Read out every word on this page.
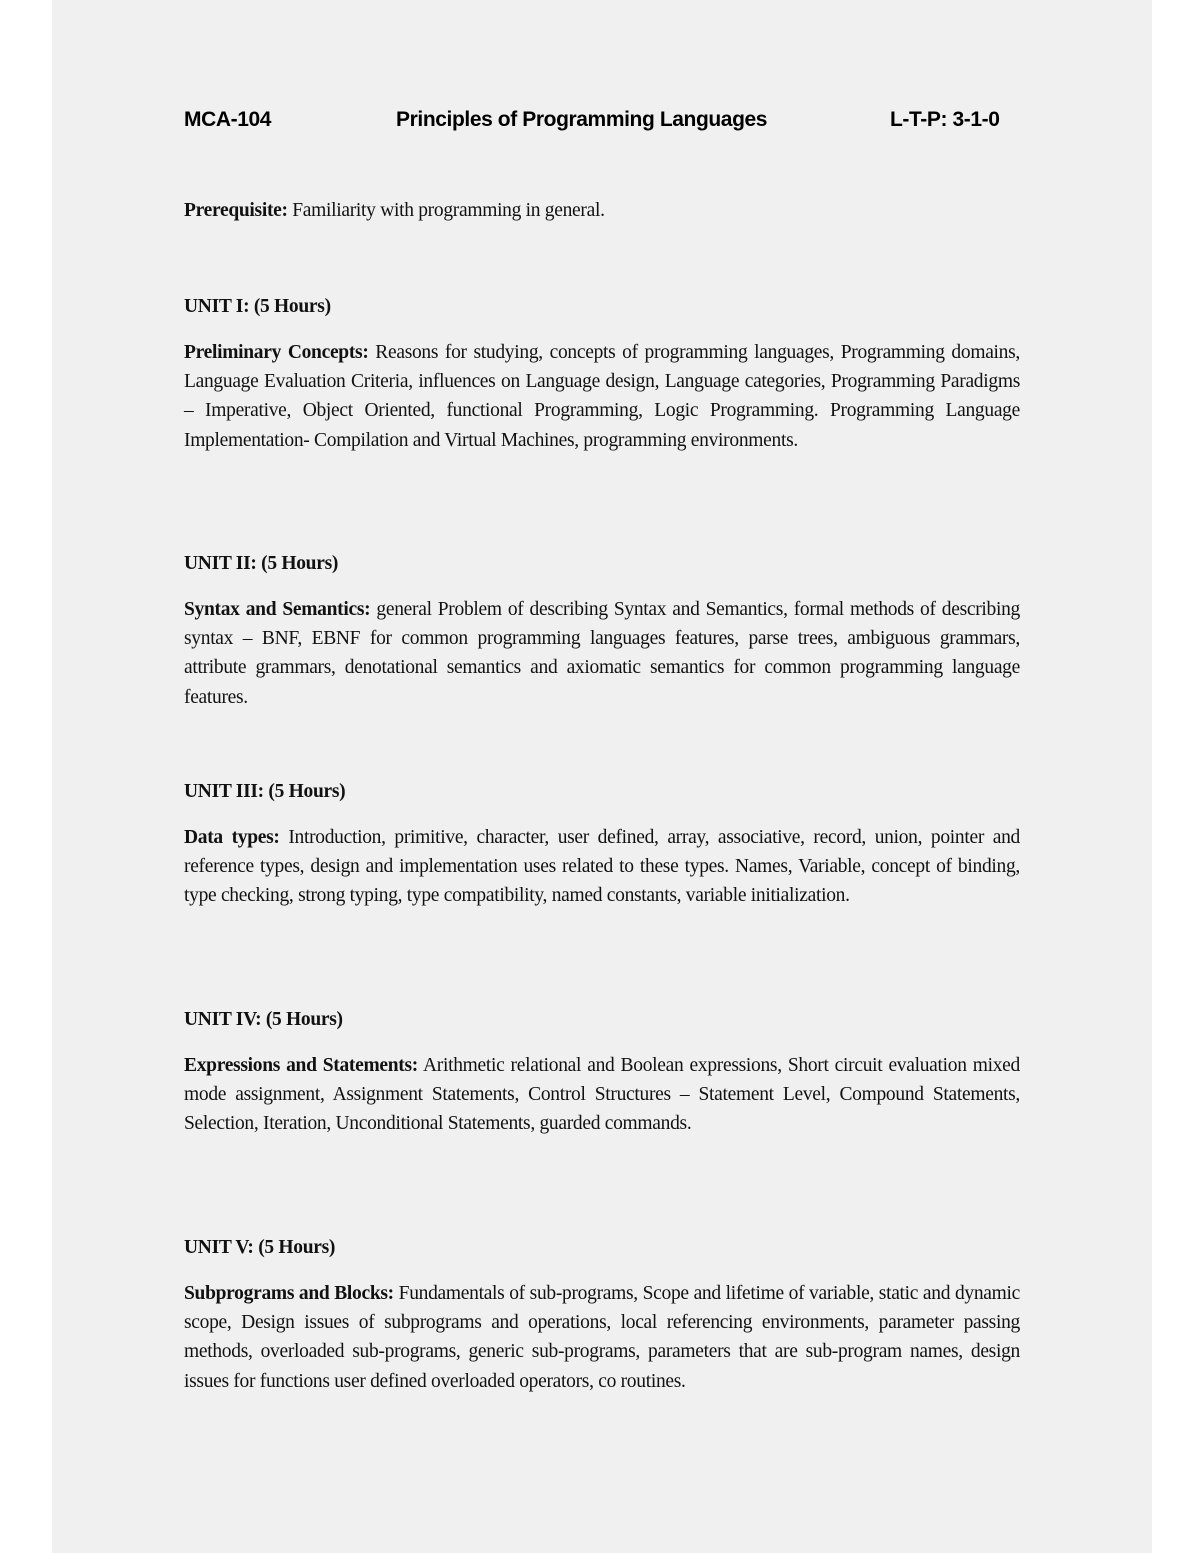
MCA-104	Principles of Programming Languages	L-T-P: 3-1-0

Prerequisite: Familiarity with programming in general.

UNIT I: (5 Hours)

Preliminary Concepts: Reasons for studying, concepts of programming languages, Programming domains, Language Evaluation Criteria, influences on Language design, Language categories, Programming Paradigms – Imperative, Object Oriented, functional Programming, Logic Programming. Programming Language Implementation- Compilation and Virtual Machines, programming environments.

UNIT II: (5 Hours)

Syntax and Semantics: general Problem of describing Syntax and Semantics, formal methods of describing syntax – BNF, EBNF for common programming languages features, parse trees, ambiguous grammars, attribute grammars, denotational semantics and axiomatic semantics for common programming language features.

UNIT III: (5 Hours)

Data types: Introduction, primitive, character, user defined, array, associative, record, union, pointer and reference types, design and implementation uses related to these types. Names, Variable, concept of binding, type checking, strong typing, type compatibility, named constants, variable initialization.

UNIT IV: (5 Hours)

Expressions and Statements: Arithmetic relational and Boolean expressions, Short circuit evaluation mixed mode assignment, Assignment Statements, Control Structures – Statement Level, Compound Statements, Selection, Iteration, Unconditional Statements, guarded commands.

UNIT V: (5 Hours)

Subprograms and Blocks: Fundamentals of sub-programs, Scope and lifetime of variable, static and dynamic scope, Design issues of subprograms and operations, local referencing environments, parameter passing methods, overloaded sub-programs, generic sub-programs, parameters that are sub-program names, design issues for functions user defined overloaded operators, co routines.
